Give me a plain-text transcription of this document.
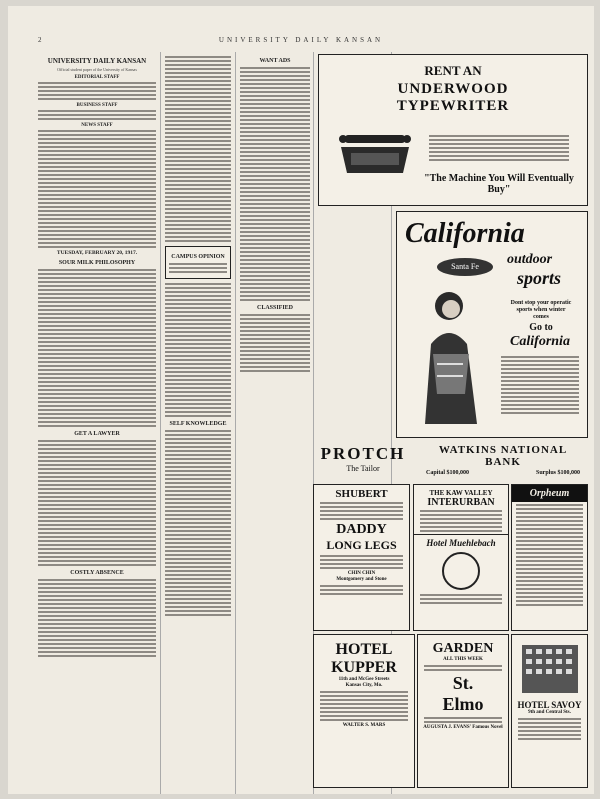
2	UNIVERSITY DAILY KANSAN
UNIVERSITY DAILY KANSAN
Official student paper of the University of Kansas
EDITORIAL STAFF
BUSINESS STAFF
NEWS STAFF
TUESDAY, FEBRUARY 20, 1917.
SOUR MILK PHILOSOPHY
GET A LAWYER
COSTLY ABSENCE
CAMPUS OPINION
SELF KNOWLEDGE
WANT ADS
CLASSIFIED
RENT AN
UNDERWOOD
TYPEWRITER
"The Machine You Will Eventually Buy"
California
outdoor
sports
Santa Fe
Dont stop your operatic
sports when winter
comes
Go to
California
PROTCH
The Tailor
WATKINS NATIONAL BANK
Capital $100,000	Surplus $100,000
SHUBERT
DADDY
LONG LEGS
CHIN CHIN
Montgomery and Stone
THE KAW VALLEY
INTERURBAN
Hotel Muehlebach
Orpheum
HOTEL
KUPPER
11th and McGee Streets
Kansas City, Mo.
WALTER S. MARS
GARDEN
ALL THIS WEEK
St.
Elmo
AUGUSTA J. EVANS' Famous Novel
HOTEL SAVOY
9th and Central Sts.
